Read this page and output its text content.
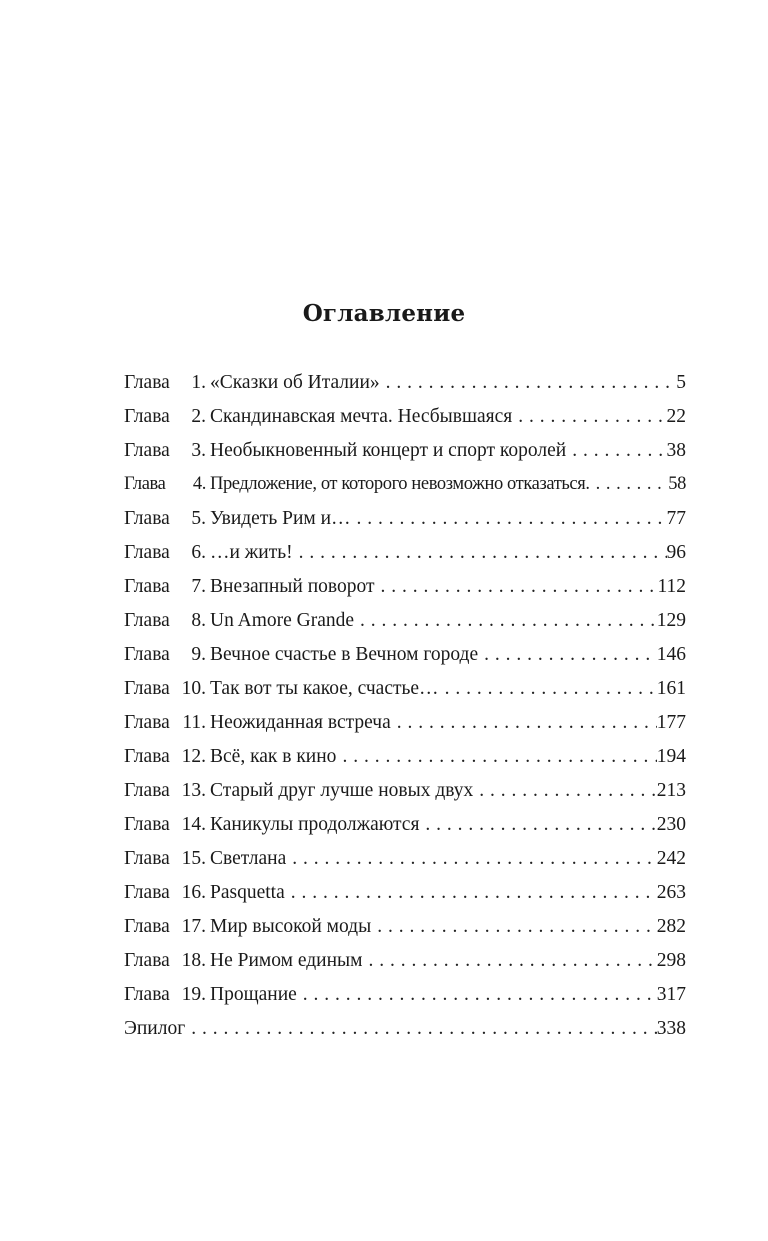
Оглавление
Глава 1. «Сказки об Италии» . . .	5
Глава 2. Скандинавская мечта. Несбывшаяся . . .	22
Глава 3. Необыкновенный концерт и спорт королей . . .	38
Глава 4. Предложение, от которого невозможно отказаться. . . .	58
Глава 5. Увидеть Рим и… . . .	77
Глава 6. …и жить! . . .	96
Глава 7. Внезапный поворот . . .	112
Глава 8. Un Amore Grande . . .	129
Глава 9. Вечное счастье в Вечном городе . . .	146
Глава 10. Так вот ты какое, счастье… . . .	161
Глава 11. Неожиданная встреча . . .	177
Глава 12. Всё, как в кино . . .	194
Глава 13. Старый друг лучше новых двух . . .	213
Глава 14. Каникулы продолжаются . . .	230
Глава 15. Светлана . . .	242
Глава 16. Pasquetta . . .	263
Глава 17. Мир высокой моды . . .	282
Глава 18. Не Римом единым . . .	298
Глава 19. Прощание . . .	317
Эпилог . . .	338
